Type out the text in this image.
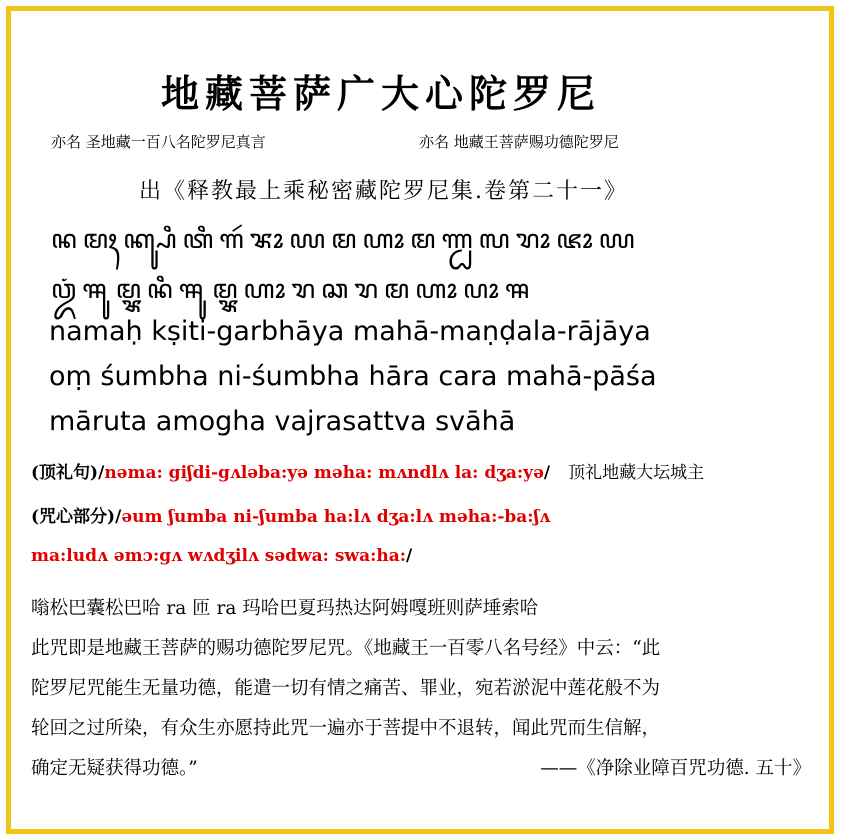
地藏菩萨广大心陀罗尼
亦名 圣地藏一百八名陀罗尼真言	亦名 地藏王菩萨赐功德陀罗尼
出《释教最上乘秘密藏陀罗尼集.卷第二十一》
ꦤꦩꦃꦏ꧀ꦰꦶꦠꦶꦒꦂꦨꦴꦪꦩꦲꦴꦩꦟ꧀ꦝꦭꦫꦴꦗꦴꦪ
ꦎꦁꦯꦸꦩ꧀ꦨꦤꦶꦯꦸꦩ꧀ꦨꦲꦴꦫꦕꦫꦩꦲꦴꦥꦴꦯ
namaḥ kṣiti-garbhāya mahā-maṇḍala-rājāya
oṃ śumbha ni-śumbha hāra cara mahā-pāśa
māruta amogha vajrasattva svāhā
(顶礼句)/nəma: giʃdi-gʌləba:yə məha: mʌndlʌ la: dʒa:yə/ 顶礼地藏大坛城主
(咒心部分)/əum ʃumba ni-ʃumba ha:lʌ dʒa:lʌ məha:-ba:ʃʌ
ma:ludʌ əmɔ:gʌ wʌdʒilʌ sədwa: swa:ha:/
嗡松巴囊松巴哈 ra 匝 ra 玛哈巴夏玛热达阿姆嘎班则萨埵索哈
此咒即是地藏王菩萨的赐功德陀罗尼咒。《地藏王一百零八名号经》中云：“此
陀罗尼咒能生无量功德，能遣一切有情之痛苦、罪业，宛若淤泥中莲花般不为
轮回之过所染，有众生亦愿持此咒一遍亦于菩提中不退转，闻此咒而生信解，
确定无疑获得功德。”	——《净除业障百咒功德. 五十》
